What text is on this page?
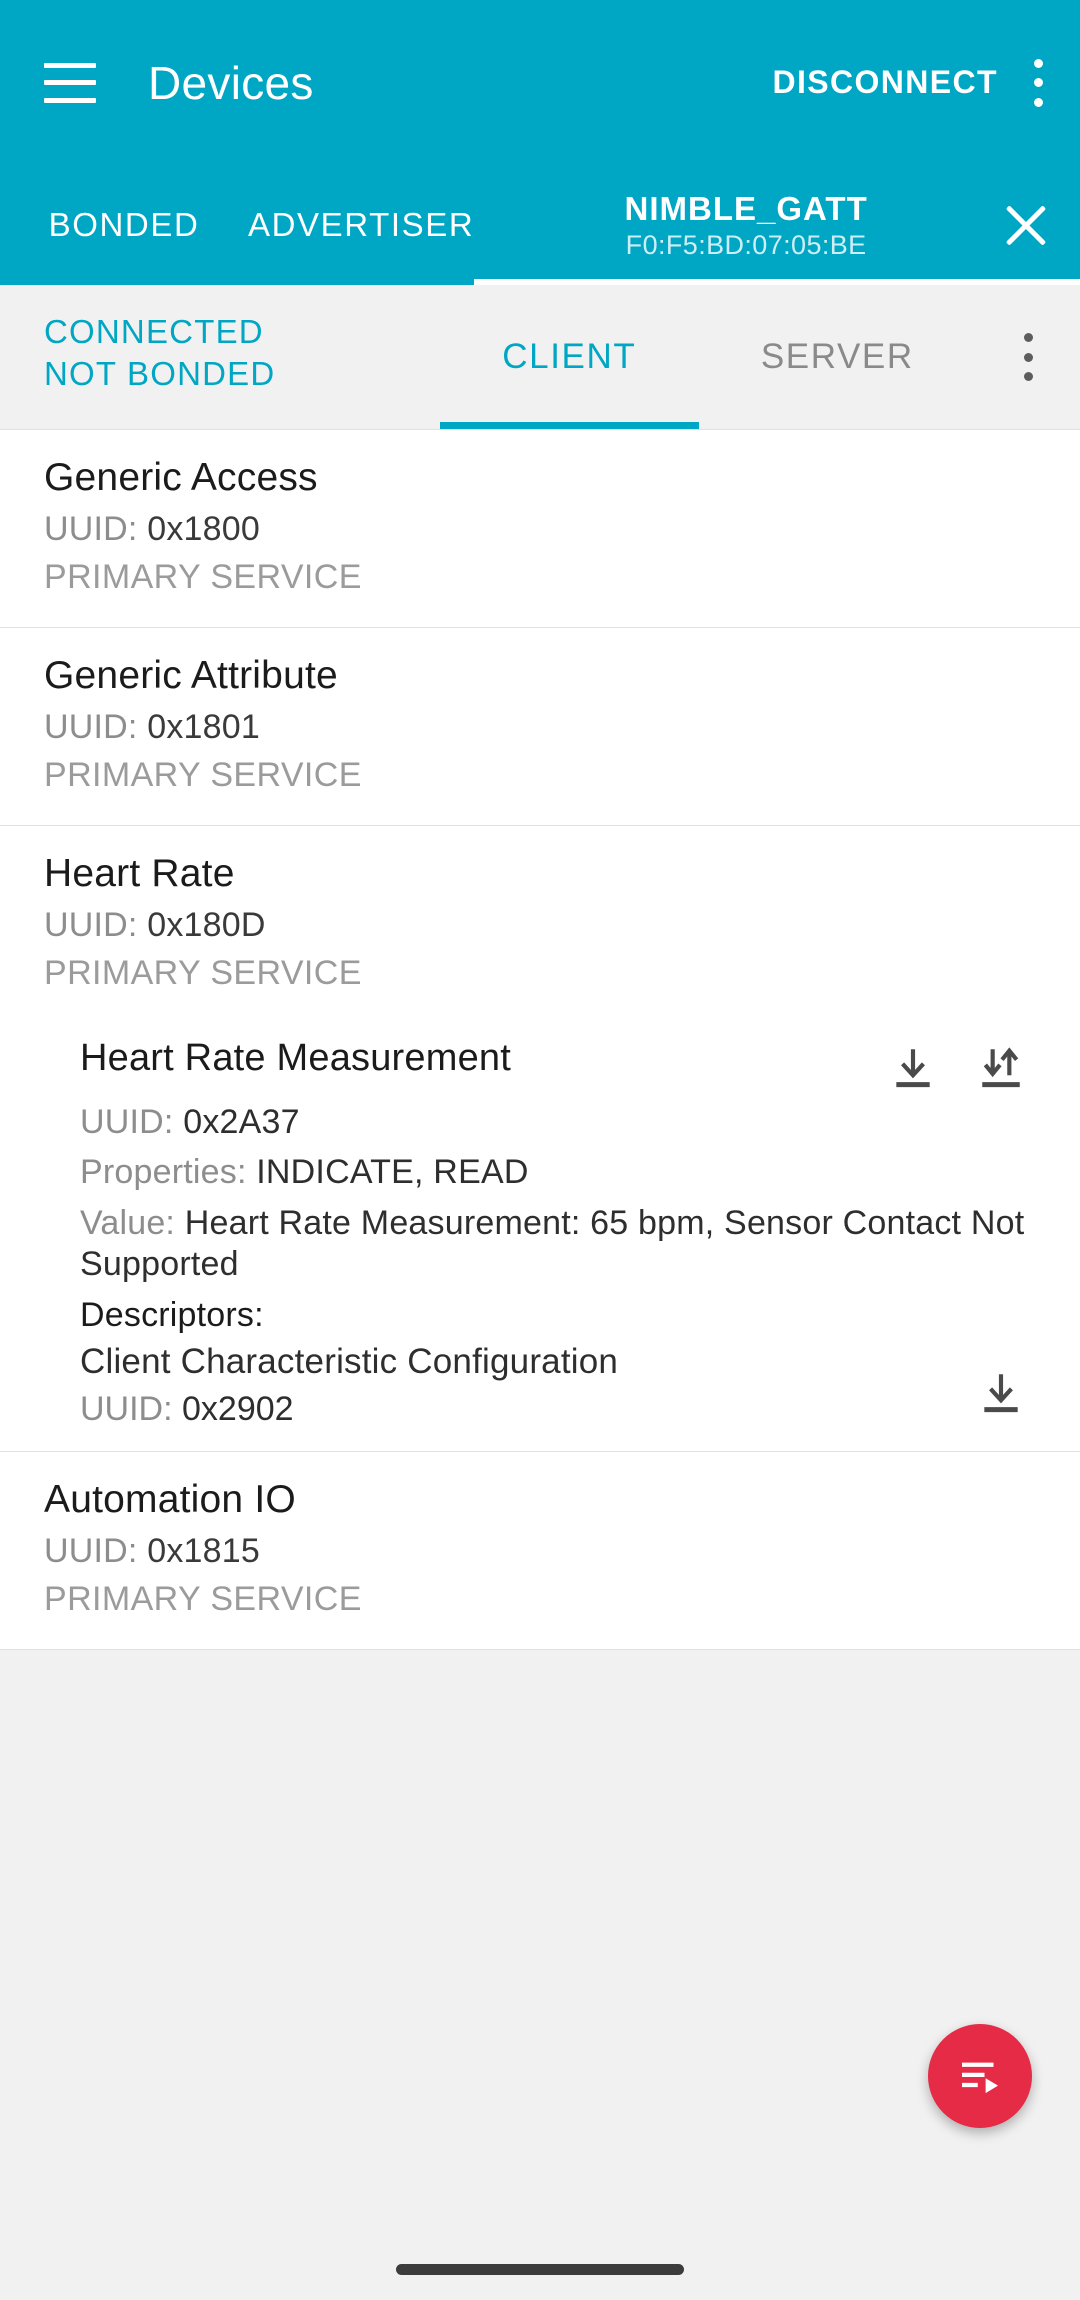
Devices	DISCONNECT
BONDED	ADVERTISER	NIMBLE_GATT
F0:F5:BD:07:05:BE
CONNECTED
NOT BONDED	CLIENT	SERVER
Generic Access
UUID: 0x1800
PRIMARY SERVICE
Generic Attribute
UUID: 0x1801
PRIMARY SERVICE
Heart Rate
UUID: 0x180D
PRIMARY SERVICE
Heart Rate Measurement
UUID: 0x2A37
Properties: INDICATE, READ
Value: Heart Rate Measurement: 65 bpm, Sensor Contact Not Supported
Descriptors:
Client Characteristic Configuration
UUID: 0x2902
Automation IO
UUID: 0x1815
PRIMARY SERVICE
